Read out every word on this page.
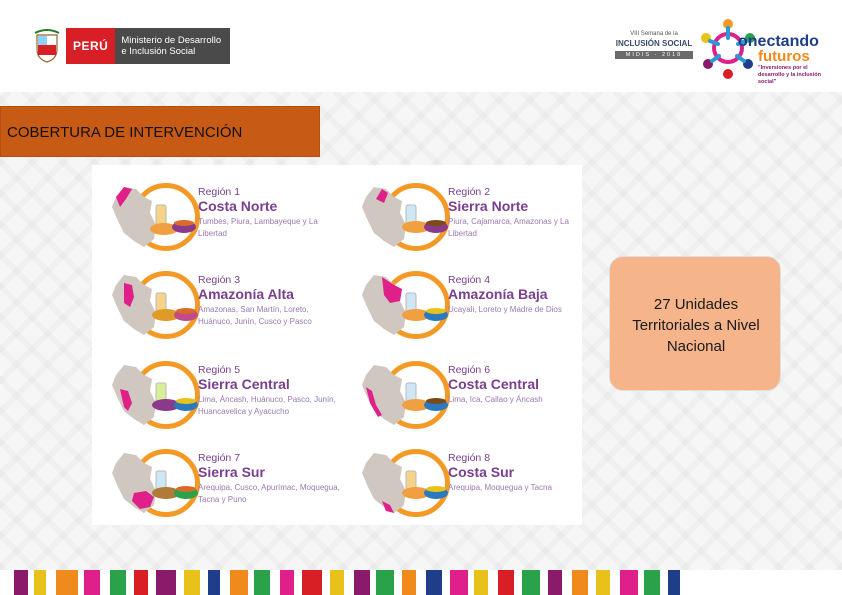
PERÚ	Ministerio de Desarrollo
e Inclusión Social
VIII Semana de la
INCLUSIÓN SOCIAL
MIDIS · 2018
onectando
futuros
"Inversiones por el desarrollo y la inclusión social"
COBERTURA DE INTERVENCIÓN
Región 1
Costa Norte
Tumbes, Piura, Lambayeque y La Libertad
Región 2
Sierra Norte
Piura, Cajamarca, Amazonas y La Libertad
Región 3
Amazonía Alta
Amazonas, San Martín, Loreto, Huánuco, Junín, Cusco y Pasco
Región 4
Amazonía Baja
Ucayali, Loreto y Madre de Dios
Región 5
Sierra Central
Lima, Áncash, Huánuco, Pasco, Junín, Huancavelica y Ayacucho
Región 6
Costa Central
Lima, Ica, Callao y Áncash
Región 7
Sierra Sur
Arequipa, Cusco, Apurímac, Moquegua, Tacna y Puno
Región 8
Costa Sur
Arequipa, Moquegua y Tacna
27 Unidades
Territoriales a Nivel
Nacional
